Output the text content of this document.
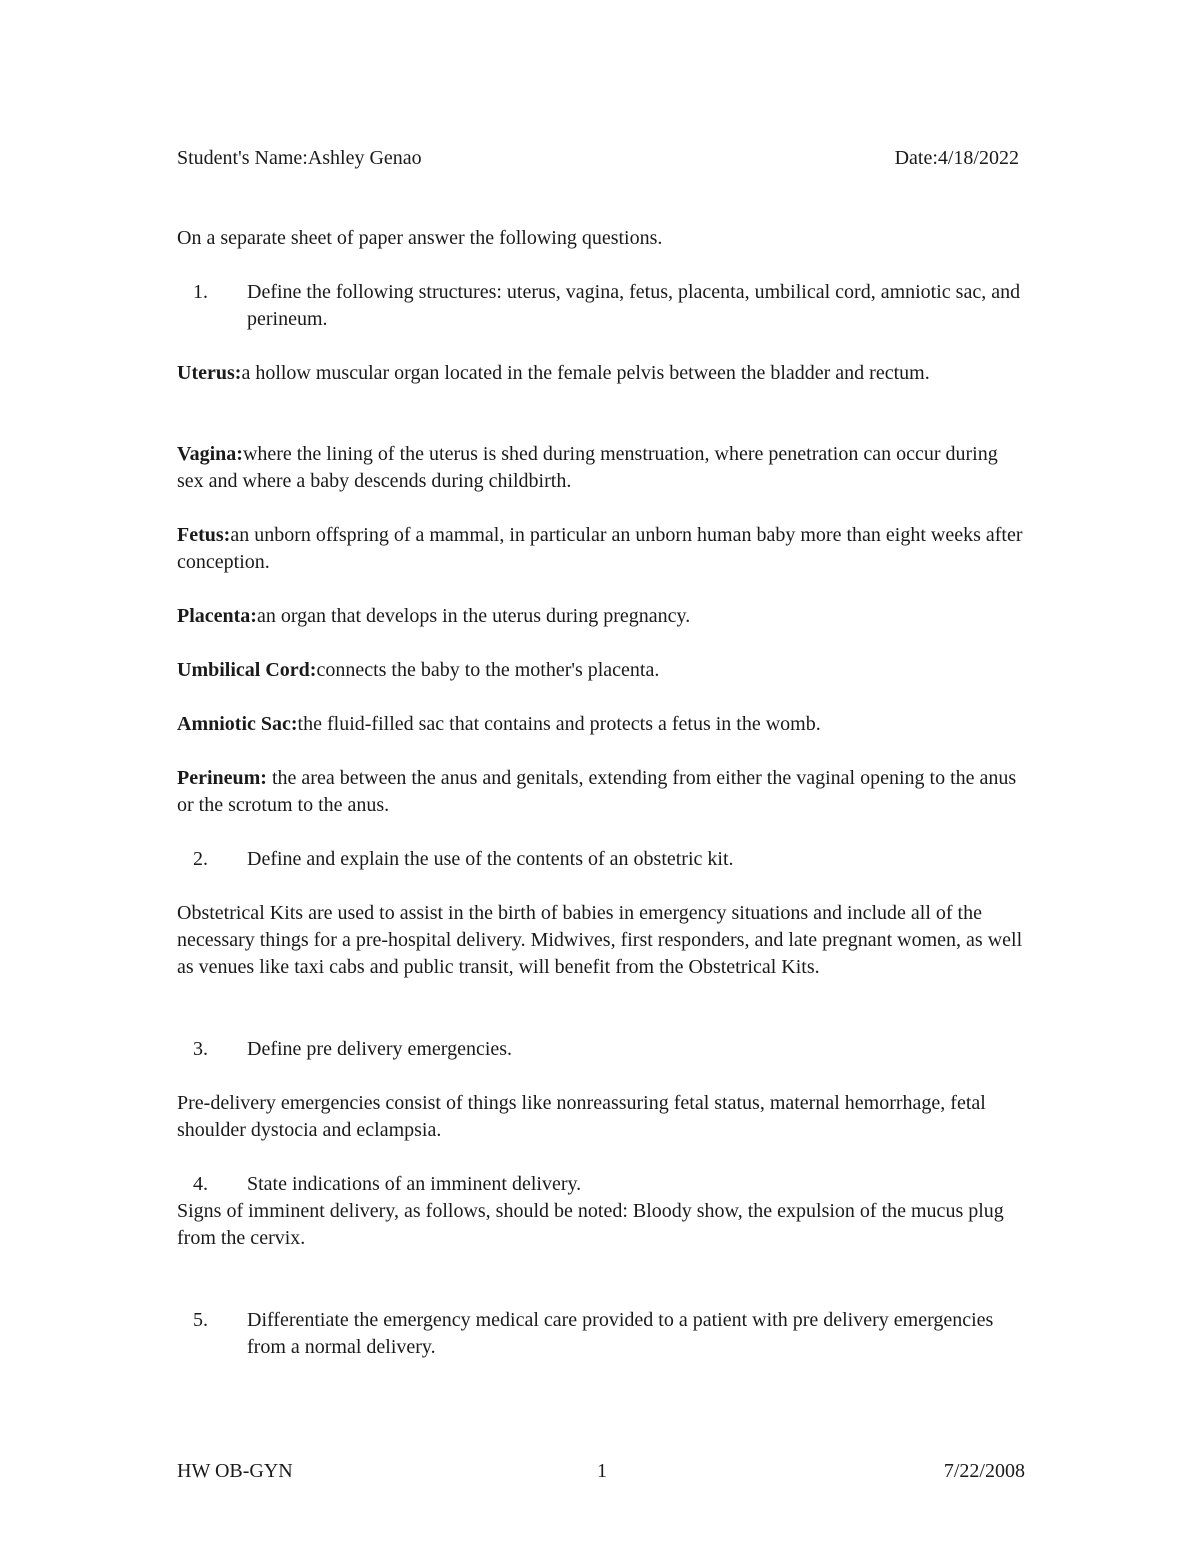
Student's Name:Ashley Genao	Date:4/18/2022
On a separate sheet of paper answer the following questions.
1. Define the following structures: uterus, vagina, fetus, placenta, umbilical cord, amniotic sac, and perineum.
Uterus:a hollow muscular organ located in the female pelvis between the bladder and rectum.
Vagina:where the lining of the uterus is shed during menstruation, where penetration can occur during sex and where a baby descends during childbirth.
Fetus:an unborn offspring of a mammal, in particular an unborn human baby more than eight weeks after conception.
Placenta:an organ that develops in the uterus during pregnancy.
Umbilical Cord:connects the baby to the mother's placenta.
Amniotic Sac:the fluid-filled sac that contains and protects a fetus in the womb.
Perineum: the area between the anus and genitals, extending from either the vaginal opening to the anus or the scrotum to the anus.
2. Define and explain the use of the contents of an obstetric kit.
Obstetrical Kits are used to assist in the birth of babies in emergency situations and include all of the necessary things for a pre-hospital delivery. Midwives, first responders, and late pregnant women, as well as venues like taxi cabs and public transit, will benefit from the Obstetrical Kits.
3. Define pre delivery emergencies.
Pre-delivery emergencies consist of things like nonreassuring fetal status, maternal hemorrhage, fetal shoulder dystocia and eclampsia.
4. State indications of an imminent delivery.
Signs of imminent delivery, as follows, should be noted: Bloody show, the expulsion of the mucus plug from the cervix.
5. Differentiate the emergency medical care provided to a patient with pre delivery emergencies from a normal delivery.
HW OB-GYN	1	7/22/2008
